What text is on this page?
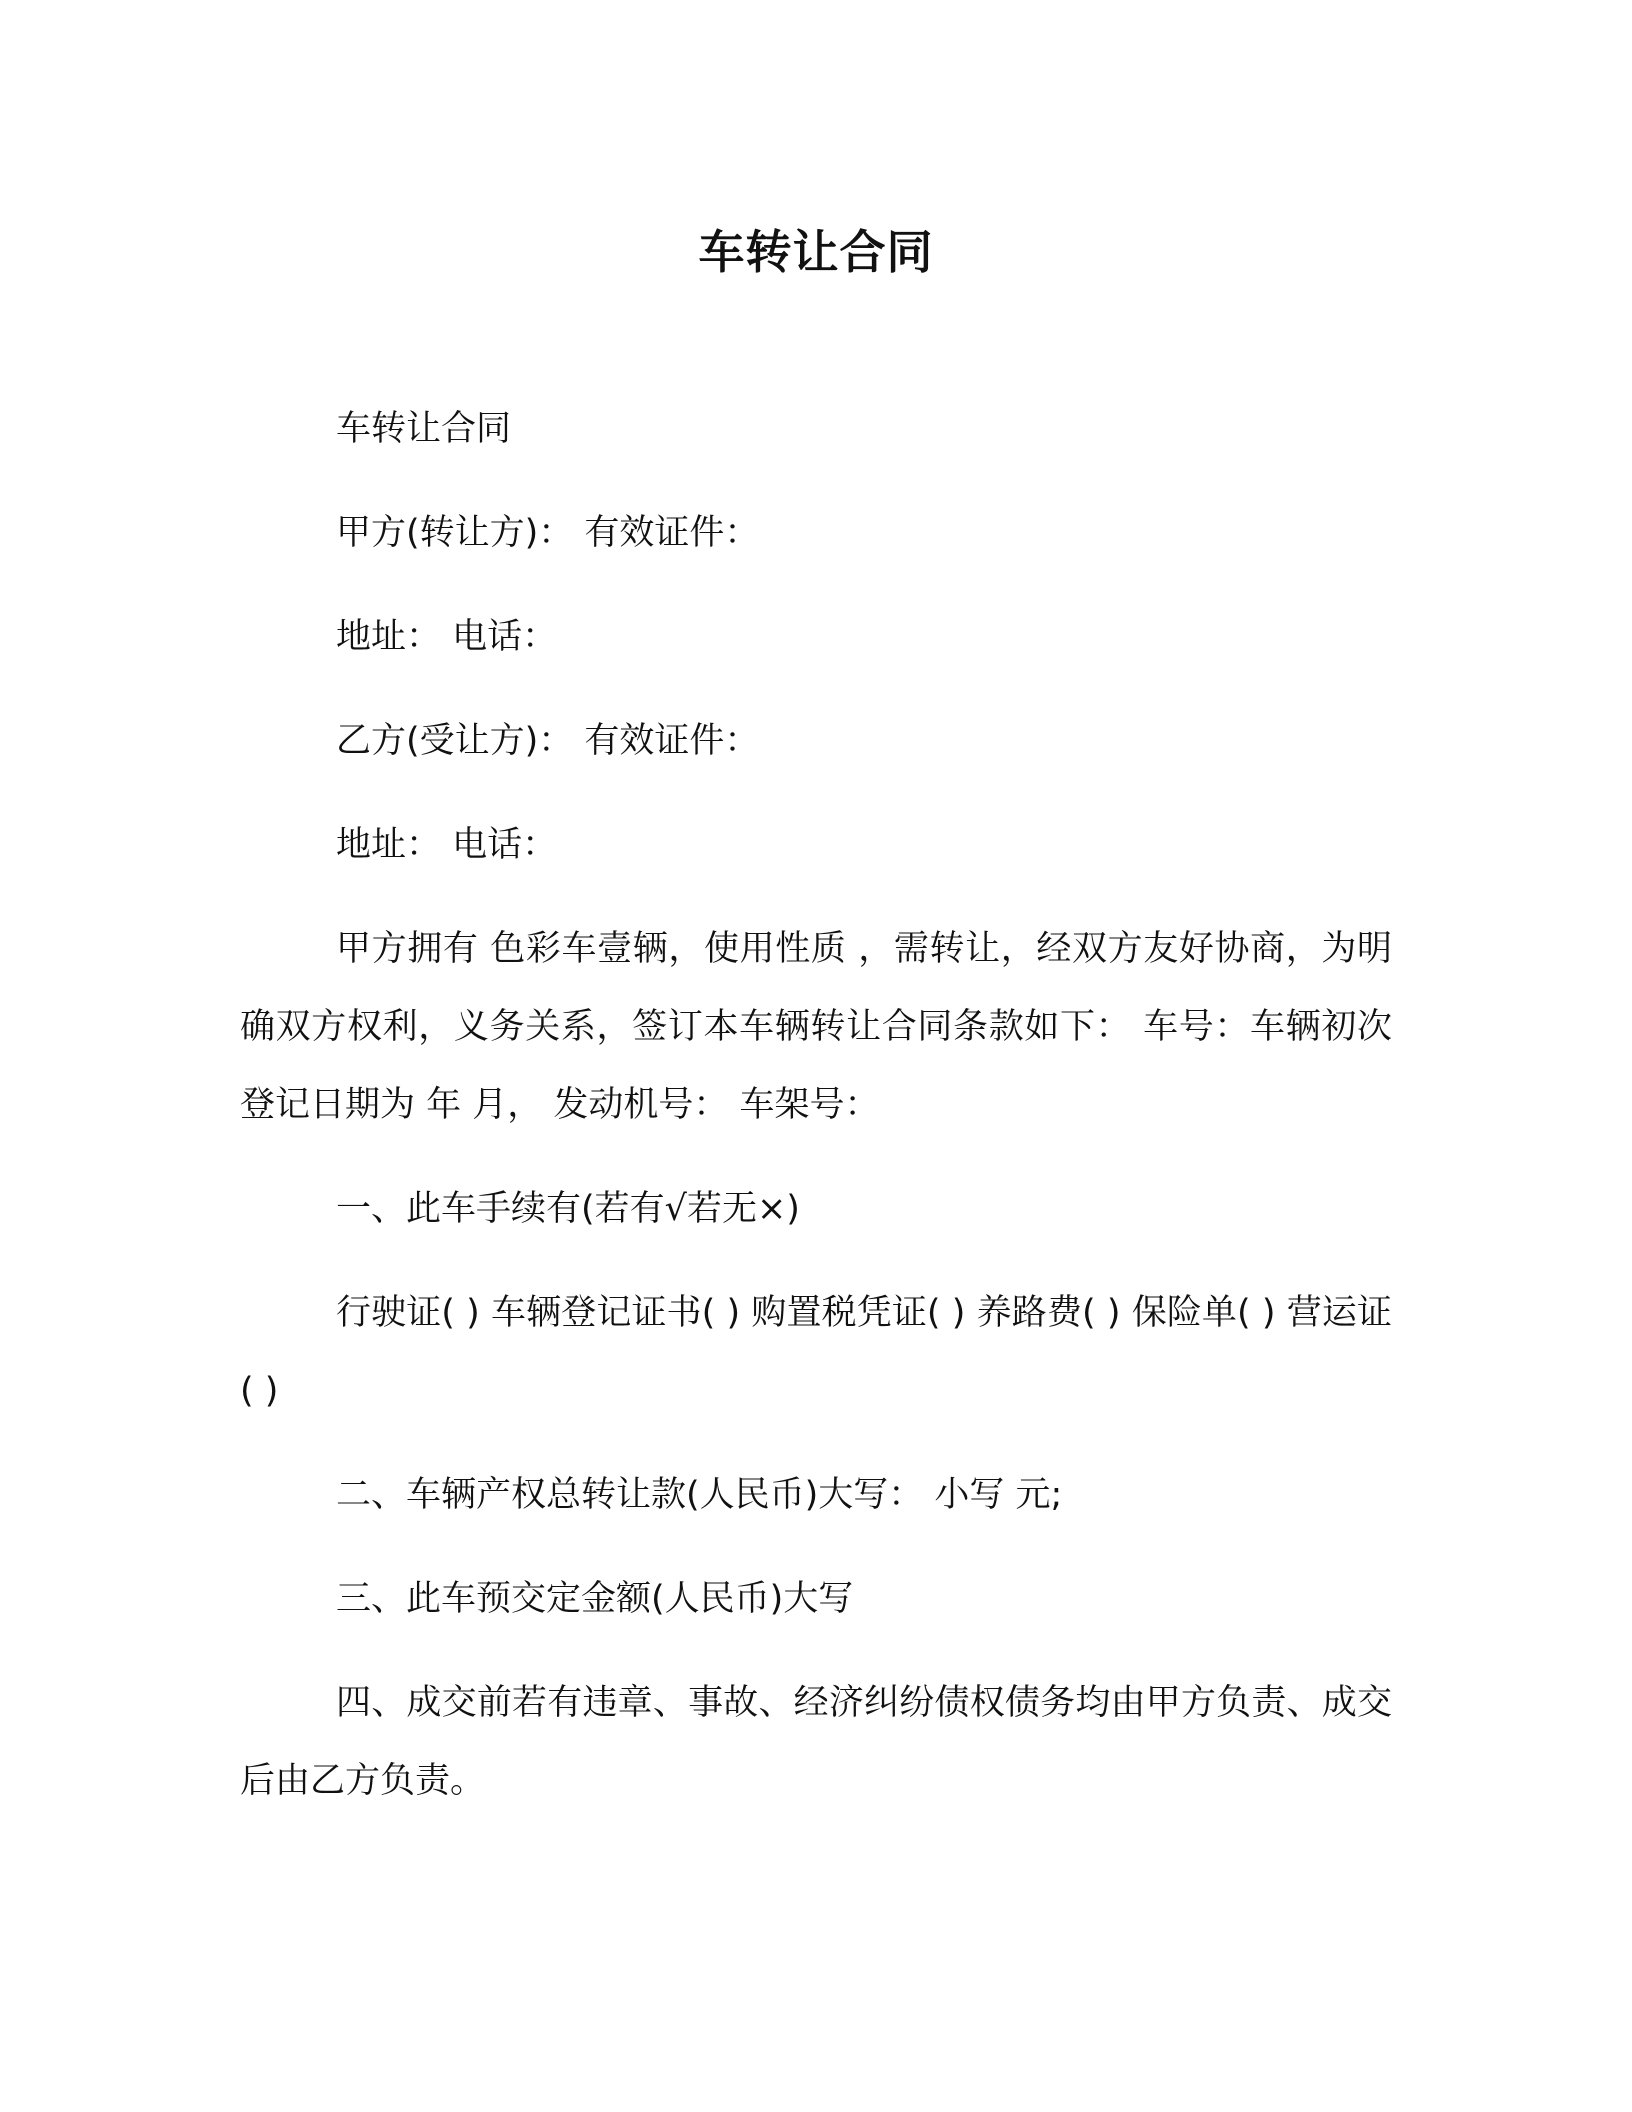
车转让合同

车转让合同

甲方(转让方)： 有效证件：

地址： 电话：

乙方(受让方)： 有效证件：

地址： 电话：

甲方拥有 色彩车壹辆，使用性质 ，需转让，经双方友好协商，为明确双方权利，义务关系，签订本车辆转让合同条款如下： 车号：车辆初次登记日期为 年 月， 发动机号： 车架号：

一、此车手续有(若有√若无×)

行驶证( ) 车辆登记证书( ) 购置税凭证( ) 养路费( ) 保险单( ) 营运证( )

二、车辆产权总转让款(人民币)大写： 小写 元;

三、此车预交定金额(人民币)大写

四、成交前若有违章、事故、经济纠纷债权债务均由甲方负责、成交后由乙方负责。
